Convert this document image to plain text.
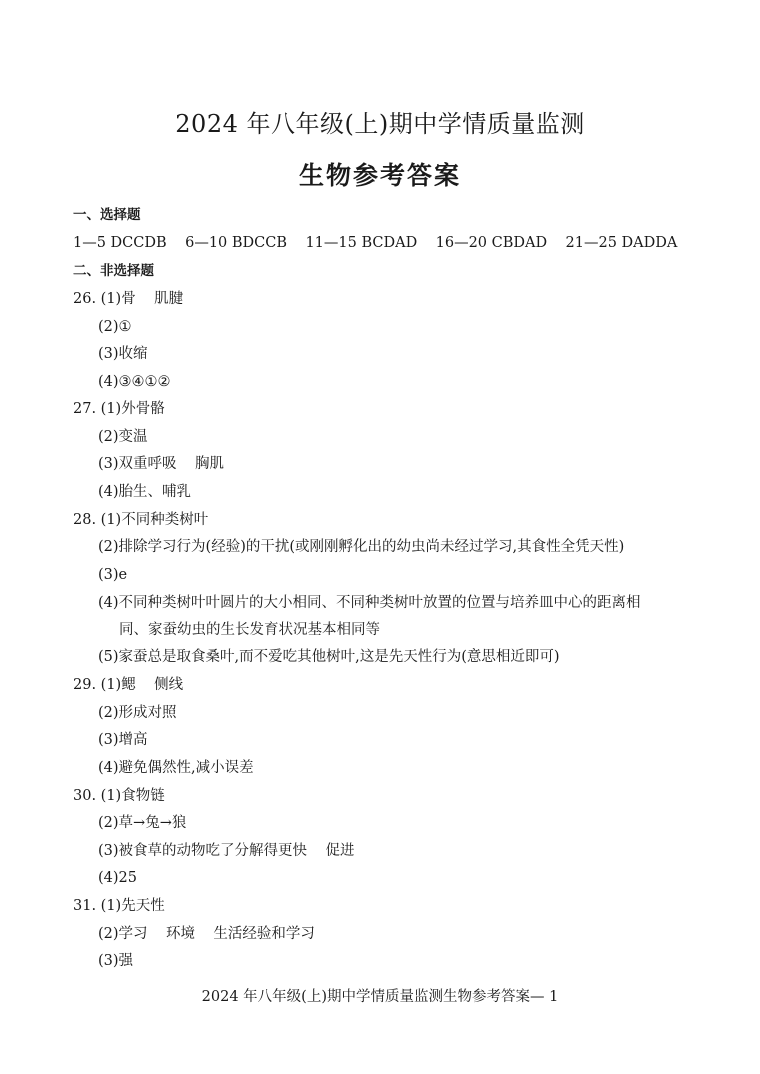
2024 年八年级(上)期中学情质量监测
生物参考答案
一、选择题
1—5 DCCDB    6—10 BDCCB    11—15 BCDAD    16—20 CBDAD    21—25 DADDA
二、非选择题
26. (1)骨    肌腱
(2)①
(3)收缩
(4)③④①②
27. (1)外骨骼
(2)变温
(3)双重呼吸    胸肌
(4)胎生、哺乳
28. (1)不同种类树叶
(2)排除学习行为(经验)的干扰(或刚刚孵化出的幼虫尚未经过学习,其食性全凭天性)
(3)e
(4)不同种类树叶叶圆片的大小相同、不同种类树叶放置的位置与培养皿中心的距离相
同、家蚕幼虫的生长发育状况基本相同等
(5)家蚕总是取食桑叶,而不爱吃其他树叶,这是先天性行为(意思相近即可)
29. (1)鳃    侧线
(2)形成对照
(3)增高
(4)避免偶然性,减小误差
30. (1)食物链
(2)草→兔→狼
(3)被食草的动物吃了分解得更快    促进
(4)25
31. (1)先天性
(2)学习    环境    生活经验和学习
(3)强
2024 年八年级(上)期中学情质量监测生物参考答案— 1
